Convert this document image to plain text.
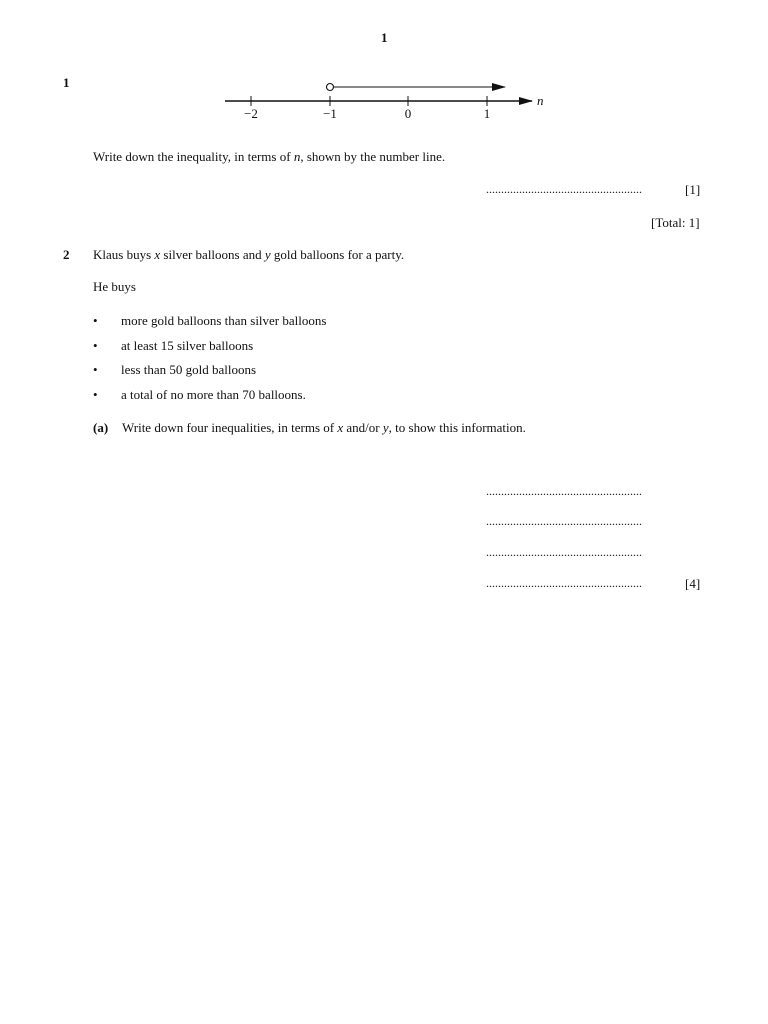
1
1
−2	−1	0	1
n
Write down the inequality, in terms of n, shown by the number line.
....................................................	[1]
[Total: 1]
2 Klaus buys x silver balloons and y gold balloons for a party.
He buys
• more gold balloons than silver balloons
• at least 15 silver balloons
• less than 50 gold balloons
• a total of no more than 70 balloons.
(a) Write down four inequalities, in terms of x and/or y, to show this information.
....................................................
....................................................
....................................................
....................................................	[4]
